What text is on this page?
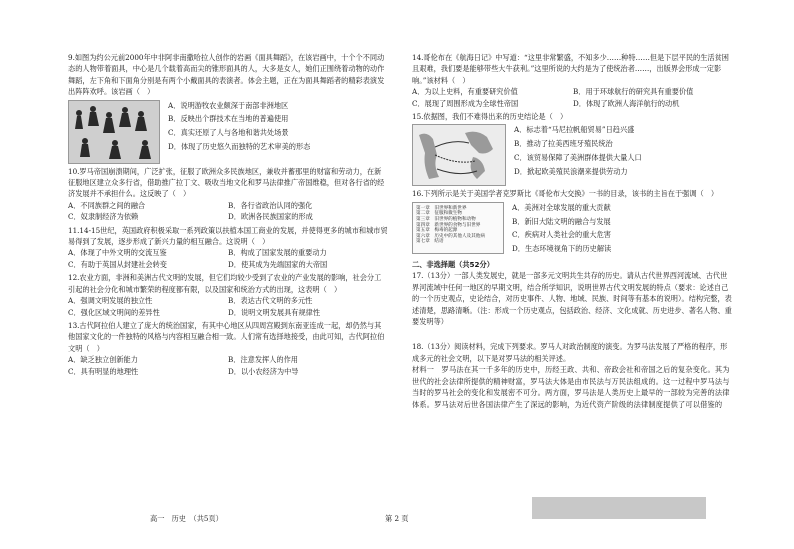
9.如图为约公元前2000年中非阿非南撒哈拉人创作的岩画《面具舞蹈》，在该岩画中，十个个不同动态的人物带着面具，中心是几个载着高而尖的锥形面具的人，大多是女人，她们正围绕着动物的动作舞蹈，左下角和下面角分别是有两个小戴面具的表演者。体会主题，正在为面具舞蹈者的精彩表演发出阵阵欢呼。该岩画（　）

A．说明游牧农业颇深于南部非洲地区
B．反映出个群技术在当地的普遍使用
C．真实还原了人与各地和谐共处场景
D．体现了历史悠久而独特的艺术审美的形态

10.罗马帝国崩溃期间，广泛扩张，征服了欧洲众多民族地区，兼收并蓄那里的财富和劳动力，在新征服地区建立众多行省，借助推广拉丁文、吸收当地文化和罗马法律推广帝国维稳，但对各行省的经济发展并不承担什么。这反映了（　）

A．不同族群之间的融合	B．各行省政治认同的强化
C．奴隶制经济为依赖	D．欧洲各民族国家的形成

11.14-15世纪，英国政府积极采取一系列政策以扶植本国工商业的发展，并使得更多的城市和城市贸易得到了发展，逐步形成了新兴力量的相互融合。这说明（　）

A．体现了中外文明的交流互鉴	B．构成了国家发展的重要动力
C．有助于英国从封建社会转变	D．使其成为先端国家的大帝国

12.农业方面，非洲和美洲古代文明的发展，但它们均较少受到了农业的产业发展的影响，社会分工引起的社会分化和城市繁荣的程度都有限，以及国家和统治方式的出现，这表明（　）

A．强调文明发展的独立性	B．表达古代文明的多元性
C．强化区域文明间的差异性	D．说明文明发展具有规律性

13.古代阿拉伯人建立了庞大的统治国家，有其中心地区从四周宫殿到东南亚连成一起，却仍然与其他国家文化的一件独特的风格与内容相互融合相一致。人们常有选择地接受，由此可知，古代阿拉伯文明（　）

A．缺乏独立创新能力	B．注意发挥人的作用
C．具有明显的地理性	D．以小农经济为中导

14.哥伦布在《航海日记》中写道：“这里非常繁盛，不知多少……种特……但是下层平民的生活贫困且艰难，我们要是能够带些大牛获利。”这里所说的大约是为了使统治者……，出版界会形成一定影响。”该材料（　）

A．为以上史料，有重要研究价值	B．用于环球航行的研究具有重要价值
C．展现了周围形成为全球性帝国	D．体现了欧洲人海洋航行的动机

15.依据图，我们不难得出来的历史结论是（　）

A．标志着“马尼拉帆船贸易”日趋兴盛
B．推动了拉美西班牙殖民统治
C．该贸易保障了美洲群体提供大量人口
D．掀起欧美殖民浪潮来提供劳动力

16.下列所示是关于美国学者克罗斯比《哥伦布大交换》一书的目录，该书的主旨在于强调（　）

第一章　旧世界和新世界
第二章　征服和微生物
第三章　旧世界的植物和动物
第四章　新世界的食物与旧世界
第五章　梅毒的起源
第六章　历史中的其他人及其他病
第七章　结语
A．美洲对全球发展的重大贡献
B．新旧大陆文明的融合与发展
C．疾病对人类社会的重大危害
D．生态环境视角下的历史解读

二、非选择题（共52分）

17.（13分）一部人类发展史，就是一部多元文明共生共存的历史。请从古代世界西河流域、古代世界河流域中任何一地区的早期文明，结合所学知识，说明世界古代文明发展的特点（要求：论述自己的一个历史观点，史论结合，对历史事件、人物、地域、民族、时间等有基本的说明）。结构完整，表述清楚，思路清晰。（注：形成一个历史观点，包括政治、经济、文化成就、历史进步、著名人物、重要发明等）

18.（13分）阅读材料，完成下列要求。罗马人对政治制度的演变。为罗马法发展了严格的程序，形成多元的社会文明，以下是对罗马法的相关评述。

材料一　罗马法在其一千多年的历史中，历经王政、共和、帝政会社和帝国之后的复杂变化。其为世代的社会法律所提供的精神财富，罗马法大体是由市民法与万民法组成的。这一过程中罗马法与当时的罗马社会的变化和发展密不可分。两方面，罗马法是人类历史上最早的一部较为完善的法律体系。罗马法对后世各国法律产生了深远的影响，为近代资产阶级的法律制度提供了可以借鉴的

高一　历史　（共5页）	第 2 页
